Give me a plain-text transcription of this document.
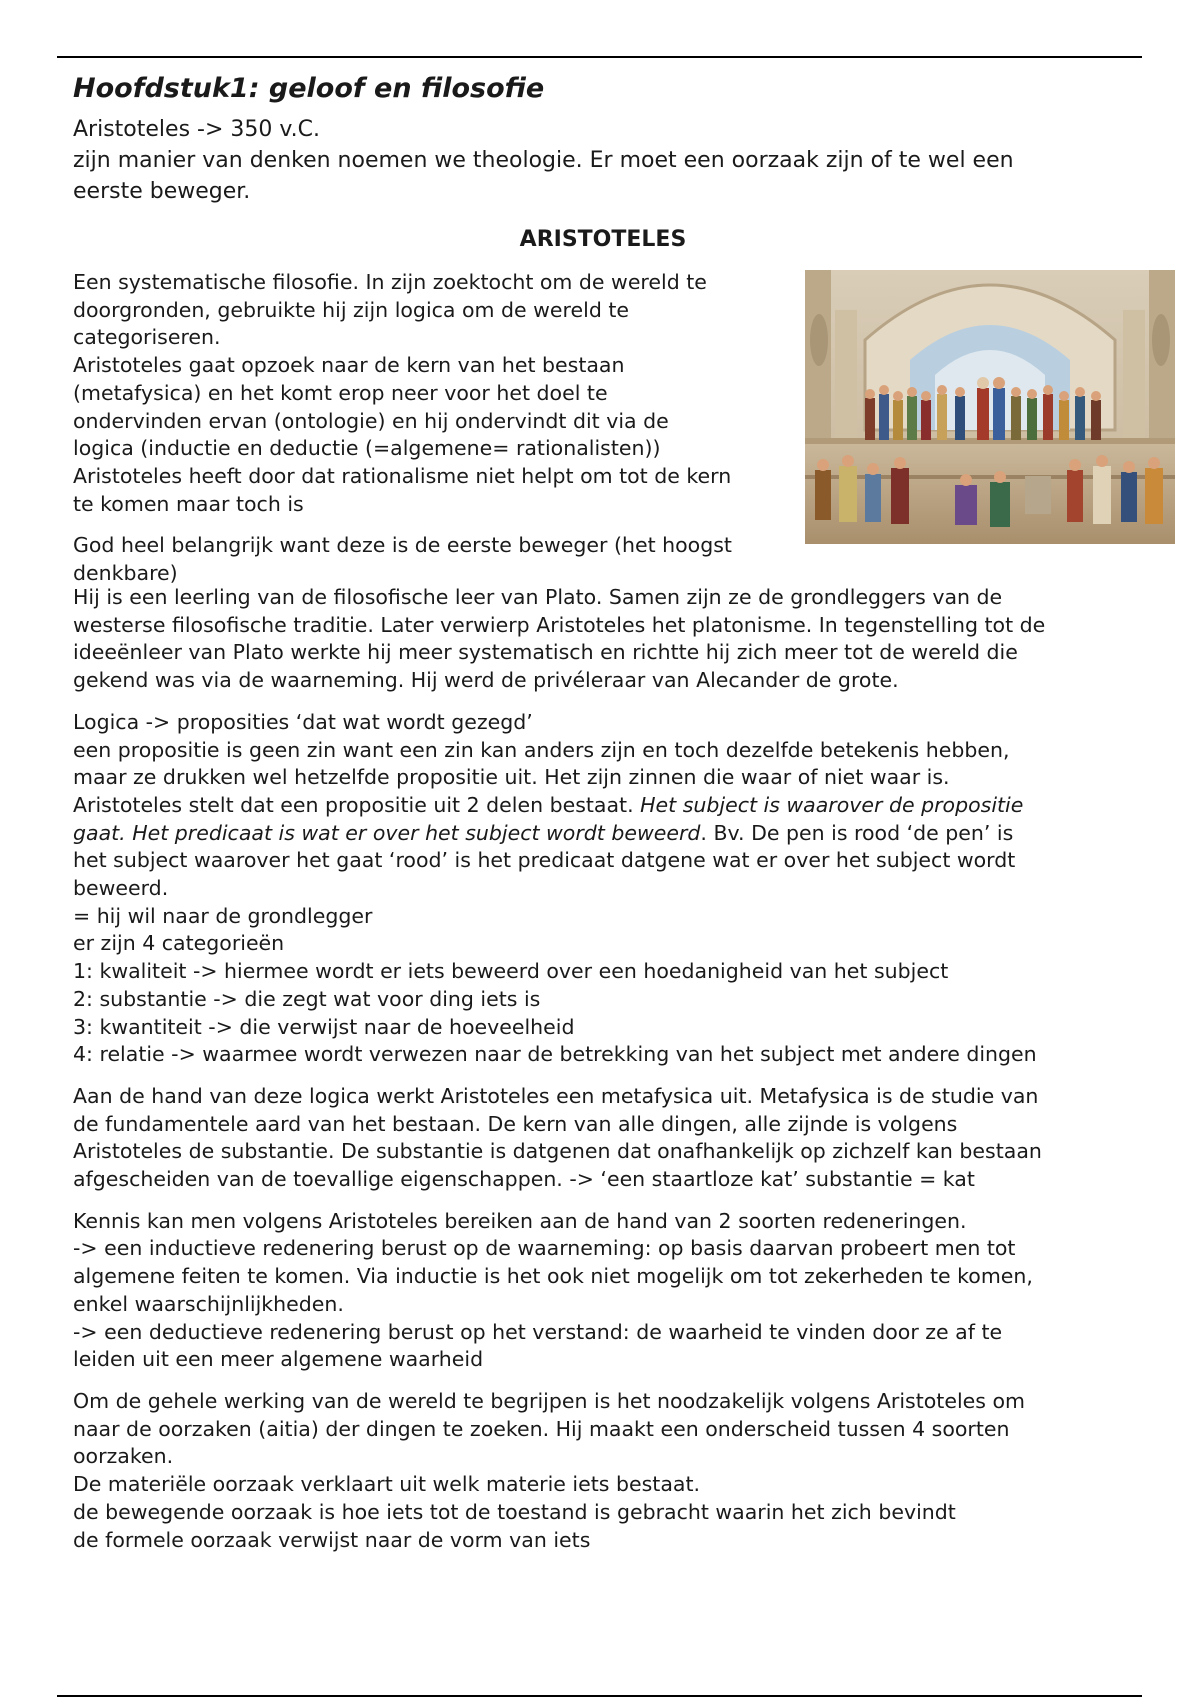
Hoofdstuk1: geloof en filosofie
Aristoteles -> 350 v.C.
zijn manier van denken noemen we theologie. Er moet een oorzaak zijn of te wel een
eerste beweger.
ARISTOTELES

Een systematische filosofie. In zijn zoektocht om de wereld te
doorgronden, gebruikte hij zijn logica om de wereld te
categoriseren.
Aristoteles gaat opzoek naar de kern van het bestaan
(metafysica) en het komt erop neer voor het doel te
ondervinden ervan (ontologie) en hij ondervindt dit via de
logica (inductie en deductie (=algemene= rationalisten))
Aristoteles heeft door dat rationalisme niet helpt om tot de kern
te komen maar toch is

God heel belangrijk want deze is de eerste beweger (het hoogst
denkbare)

Hij is een leerling van de filosofische leer van Plato. Samen zijn ze de grondleggers van de
westerse filosofische traditie. Later verwierp Aristoteles het platonisme. In tegenstelling tot de
ideeënleer van Plato werkte hij meer systematisch en richtte hij zich meer tot de wereld die
gekend was via de waarneming. Hij werd de privéleraar van Alecander de grote.

Logica -> proposities ‘dat wat wordt gezegd’
een propositie is geen zin want een zin kan anders zijn en toch dezelfde betekenis hebben,
maar ze drukken wel hetzelfde propositie uit. Het zijn zinnen die waar of niet waar is.
Aristoteles stelt dat een propositie uit 2 delen bestaat. Het subject is waarover de propositie
gaat. Het predicaat is wat er over het subject wordt beweerd. Bv. De pen is rood ‘de pen’ is
het subject waarover het gaat ‘rood’ is het predicaat datgene wat er over het subject wordt
beweerd.
= hij wil naar de grondlegger
er zijn 4 categorieën
1: kwaliteit -> hiermee wordt er iets beweerd over een hoedanigheid van het subject
2: substantie -> die zegt wat voor ding iets is
3: kwantiteit -> die verwijst naar de hoeveelheid
4: relatie -> waarmee wordt verwezen naar de betrekking van het subject met andere dingen

Aan de hand van deze logica werkt Aristoteles een metafysica uit. Metafysica is de studie van
de fundamentele aard van het bestaan. De kern van alle dingen, alle zijnde is volgens
Aristoteles de substantie. De substantie is datgenen dat onafhankelijk op zichzelf kan bestaan
afgescheiden van de toevallige eigenschappen. -> ‘een staartloze kat’ substantie = kat

Kennis kan men volgens Aristoteles bereiken aan de hand van 2 soorten redeneringen.
-> een inductieve redenering berust op de waarneming: op basis daarvan probeert men tot
algemene feiten te komen. Via inductie is het ook niet mogelijk om tot zekerheden te komen,
enkel waarschijnlijkheden.
-> een deductieve redenering berust op het verstand: de waarheid te vinden door ze af te
leiden uit een meer algemene waarheid

Om de gehele werking van de wereld te begrijpen is het noodzakelijk volgens Aristoteles om
naar de oorzaken (aitia) der dingen te zoeken. Hij maakt een onderscheid tussen 4 soorten
oorzaken.
De materiële oorzaak verklaart uit welk materie iets bestaat.
de bewegende oorzaak is hoe iets tot de toestand is gebracht waarin het zich bevindt
de formele oorzaak verwijst naar de vorm van iets
